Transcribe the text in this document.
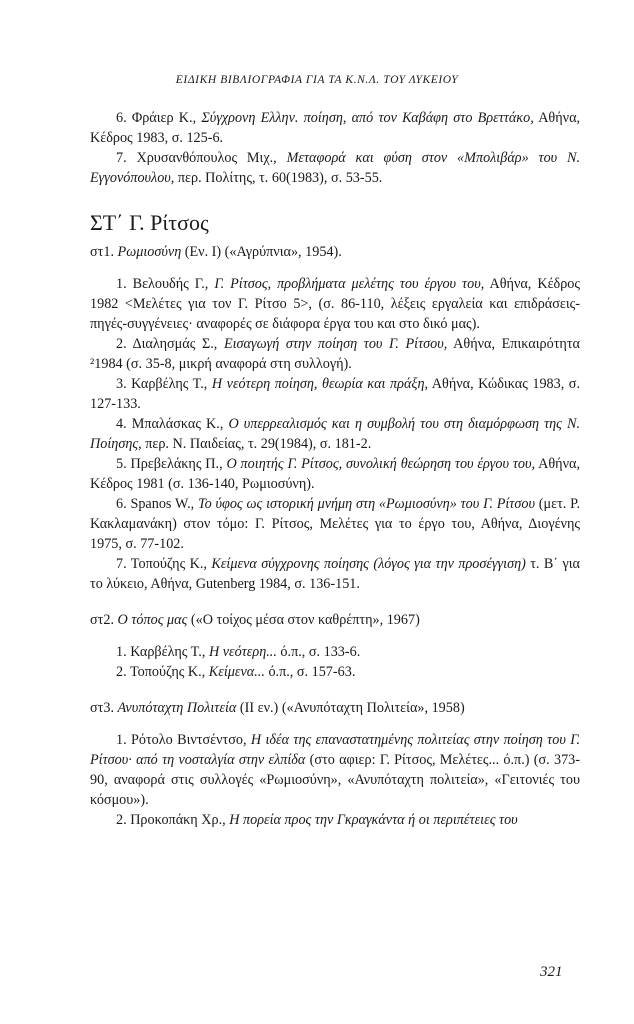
ΕΙΔΙΚΗ ΒΙΒΛΙΟΓΡΑΦΙΑ ΓΙΑ ΤΑ Κ.Ν.Λ. ΤΟΥ ΛΥΚΕΙΟΥ

6. Φράιερ Κ., Σύγχρονη Ελλην. ποίηση, από τον Καβάφη στο Βρεττάκο, Αθήνα, Κέδρος 1983, σ. 125-6.

7. Χρυσανθόπουλος Μιχ., Μεταφορά και φύση στον «Μπολιβάρ» του Ν. Εγγονόπουλου, περ. Πολίτης, τ. 60(1983), σ. 53-55.

ΣΤ΄ Γ. Ρίτσος

στ1. Ρωμιοσύνη (Εν. Ι) («Αγρύπνια», 1954).

1. Βελουδής Γ., Γ. Ρίτσος, προβλήματα μελέτης του έργου του, Αθήνα, Κέδρος 1982 <Μελέτες για τον Γ. Ρίτσο 5>, (σ. 86-110, λέξεις εργαλεία και επιδράσεις-πηγές-συγγένειες· αναφορές σε διάφορα έργα του και στο δικό μας).

2. Διαλησμάς Σ., Εισαγωγή στην ποίηση του Γ. Ρίτσου, Αθήνα, Επικαιρότητα ²1984 (σ. 35-8, μικρή αναφορά στη συλλογή).

3. Καρβέλης Τ., Η νεότερη ποίηση, θεωρία και πράξη, Αθήνα, Κώδικας 1983, σ. 127-133.

4. Μπαλάσκας Κ., Ο υπερρεαλισμός και η συμβολή του στη διαμόρφωση της Ν. Ποίησης, περ. Ν. Παιδείας, τ. 29(1984), σ. 181-2.

5. Πρεβελάκης Π., Ο ποιητής Γ. Ρίτσος, συνολική θεώρηση του έργου του, Αθήνα, Κέδρος 1981 (σ. 136-140, Ρωμιοσύνη).

6. Spanos W., Το ύφος ως ιστορική μνήμη στη «Ρωμιοσύνη» του Γ. Ρίτσου (μετ. Ρ. Κακλαμανάκη) στον τόμο: Γ. Ρίτσος, Μελέτες για το έργο του, Αθήνα, Διογένης 1975, σ. 77-102.

7. Τοπούζης Κ., Κείμενα σύγχρονης ποίησης (λόγος για την προσέγγιση) τ. Β΄ για το λύκειο, Αθήνα, Gutenberg 1984, σ. 136-151.

στ2. Ο τόπος μας («Ο τοίχος μέσα στον καθρέπτη», 1967)

1. Καρβέλης Τ., Η νεότερη... ό.π., σ. 133-6.

2. Τοπούζης Κ., Κείμενα... ό.π., σ. 157-63.

στ3. Ανυπόταχτη Πολιτεία (ΙΙ εν.) («Ανυπόταχτη Πολιτεία», 1958)

1. Ρότολο Βιντσέντσο, Η ιδέα της επαναστατημένης πολιτείας στην ποίηση του Γ. Ρίτσου· από τη νοσταλγία στην ελπίδα (στο αφιερ: Γ. Ρίτσος, Μελέτες... ό.π.) (σ. 373-90, αναφορά στις συλλογές «Ρωμιοσύνη», «Ανυπόταχτη πολιτεία», «Γειτονιές του κόσμου»).

2. Προκοπάκη Χρ., Η πορεία προς την Γκραγκάντα ή οι περιπέτειες του

321
